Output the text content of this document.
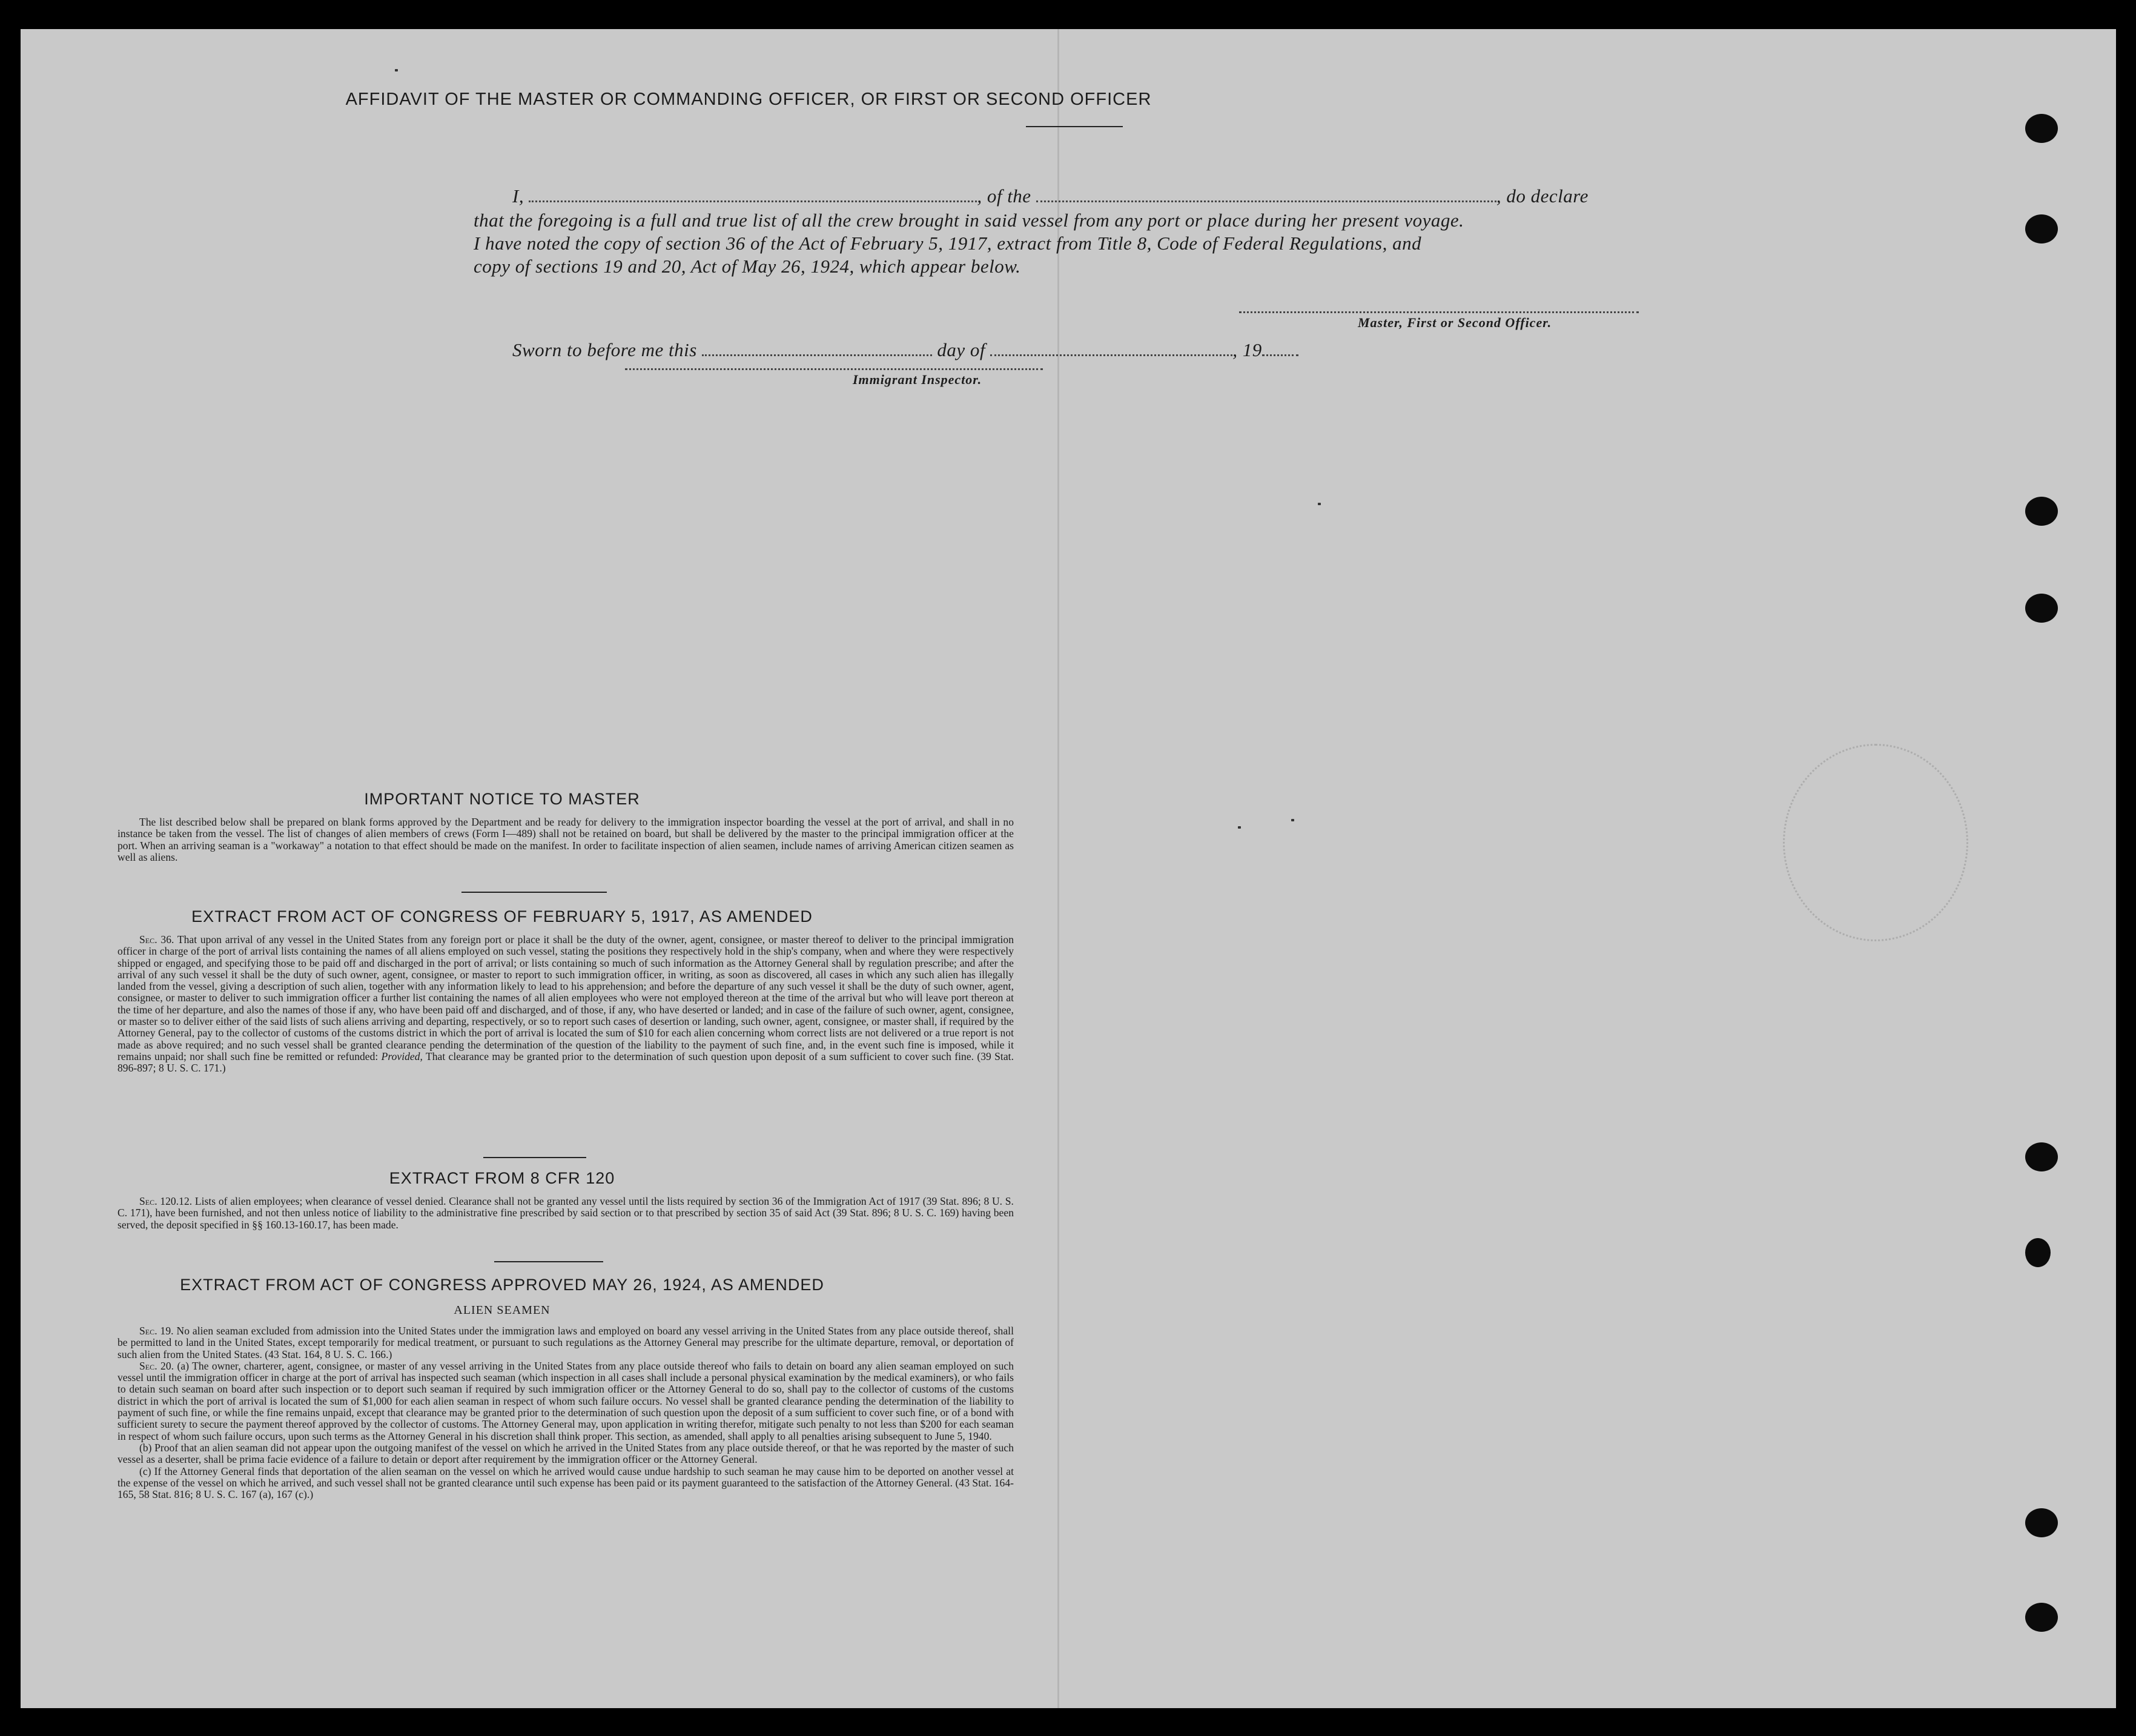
AFFIDAVIT OF THE MASTER OR COMMANDING OFFICER, OR FIRST OR SECOND OFFICER
I,	, of the	, do declare
that the foregoing is a full and true list of all the crew brought in said vessel from any port or place during her present voyage.
I have noted the copy of section 36 of the Act of February 5, 1917, extract from Title 8, Code of Federal Regulations, and
copy of sections 19 and 20, Act of May 26, 1924, which appear below.
Master, First or Second Officer.
Sworn to before me this	day of	, 19
Immigrant Inspector.
IMPORTANT NOTICE TO MASTER

The list described below shall be prepared on blank forms approved by the Department and be ready for delivery to the immigration inspector boarding the vessel at the port of arrival, and shall in no instance be taken from the vessel. The list of changes of alien members of crews (Form I—489) shall not be retained on board, but shall be delivered by the master to the principal immigration officer at the port. When an arriving seaman is a "workaway" a notation to that effect should be made on the manifest. In order to facilitate inspection of alien seamen, include names of arriving American citizen seamen as well as aliens.

EXTRACT FROM ACT OF CONGRESS OF FEBRUARY 5, 1917, AS AMENDED

Sec. 36. That upon arrival of any vessel in the United States from any foreign port or place it shall be the duty of the owner, agent, consignee, or master thereof to deliver to the principal immigration officer in charge of the port of arrival lists containing the names of all aliens employed on such vessel, stating the positions they respectively hold in the ship's company, when and where they were respectively shipped or engaged, and specifying those to be paid off and discharged in the port of arrival; or lists containing so much of such information as the Attorney General shall by regulation prescribe; and after the arrival of any such vessel it shall be the duty of such owner, agent, consignee, or master to report to such immigration officer, in writing, as soon as discovered, all cases in which any such alien has illegally landed from the vessel, giving a description of such alien, together with any information likely to lead to his apprehension; and before the departure of any such vessel it shall be the duty of such owner, agent, consignee, or master to deliver to such immigration officer a further list containing the names of all alien employees who were not employed thereon at the time of the arrival but who will leave port thereon at the time of her departure, and also the names of those if any, who have been paid off and discharged, and of those, if any, who have deserted or landed; and in case of the failure of such owner, agent, consignee, or master so to deliver either of the said lists of such aliens arriving and departing, respectively, or so to report such cases of desertion or landing, such owner, agent, consignee, or master shall, if required by the Attorney General, pay to the collector of customs of the customs district in which the port of arrival is located the sum of $10 for each alien concerning whom correct lists are not delivered or a true report is not made as above required; and no such vessel shall be granted clearance pending the determination of the question of the liability to the payment of such fine, and, in the event such fine is imposed, while it remains unpaid; nor shall such fine be remitted or refunded: Provided, That clearance may be granted prior to the determination of such question upon deposit of a sum sufficient to cover such fine. (39 Stat. 896-897; 8 U. S. C. 171.)

EXTRACT FROM 8 CFR 120

Sec. 120.12. Lists of alien employees; when clearance of vessel denied. Clearance shall not be granted any vessel until the lists required by section 36 of the Immigration Act of 1917 (39 Stat. 896; 8 U. S. C. 171), have been furnished, and not then unless notice of liability to the administrative fine prescribed by said section or to that prescribed by section 35 of said Act (39 Stat. 896; 8 U. S. C. 169) having been served, the deposit specified in §§ 160.13-160.17, has been made.

EXTRACT FROM ACT OF CONGRESS APPROVED MAY 26, 1924, AS AMENDED
ALIEN SEAMEN

Sec. 19. No alien seaman excluded from admission into the United States under the immigration laws and employed on board any vessel arriving in the United States from any place outside thereof, shall be permitted to land in the United States, except temporarily for medical treatment, or pursuant to such regulations as the Attorney General may prescribe for the ultimate departure, removal, or deportation of such alien from the United States. (43 Stat. 164, 8 U. S. C. 166.)

Sec. 20. (a) The owner, charterer, agent, consignee, or master of any vessel arriving in the United States from any place outside thereof who fails to detain on board any alien seaman employed on such vessel until the immigration officer in charge at the port of arrival has inspected such seaman (which inspection in all cases shall include a personal physical examination by the medical examiners), or who fails to detain such seaman on board after such inspection or to deport such seaman if required by such immigration officer or the Attorney General to do so, shall pay to the collector of customs of the customs district in which the port of arrival is located the sum of $1,000 for each alien seaman in respect of whom such failure occurs. No vessel shall be granted clearance pending the determination of the liability to payment of such fine, or while the fine remains unpaid, except that clearance may be granted prior to the determination of such question upon the deposit of a sum sufficient to cover such fine, or of a bond with sufficient surety to secure the payment thereof approved by the collector of customs. The Attorney General may, upon application in writing therefor, mitigate such penalty to not less than $200 for each seaman in respect of whom such failure occurs, upon such terms as the Attorney General in his discretion shall think proper. This section, as amended, shall apply to all penalties arising subsequent to June 5, 1940.

(b) Proof that an alien seaman did not appear upon the outgoing manifest of the vessel on which he arrived in the United States from any place outside thereof, or that he was reported by the master of such vessel as a deserter, shall be prima facie evidence of a failure to detain or deport after requirement by the immigration officer or the Attorney General.

(c) If the Attorney General finds that deportation of the alien seaman on the vessel on which he arrived would cause undue hardship to such seaman he may cause him to be deported on another vessel at the expense of the vessel on which he arrived, and such vessel shall not be granted clearance until such expense has been paid or its payment guaranteed to the satisfaction of the Attorney General. (43 Stat. 164-165, 58 Stat. 816; 8 U. S. C. 167 (a), 167 (c).)
